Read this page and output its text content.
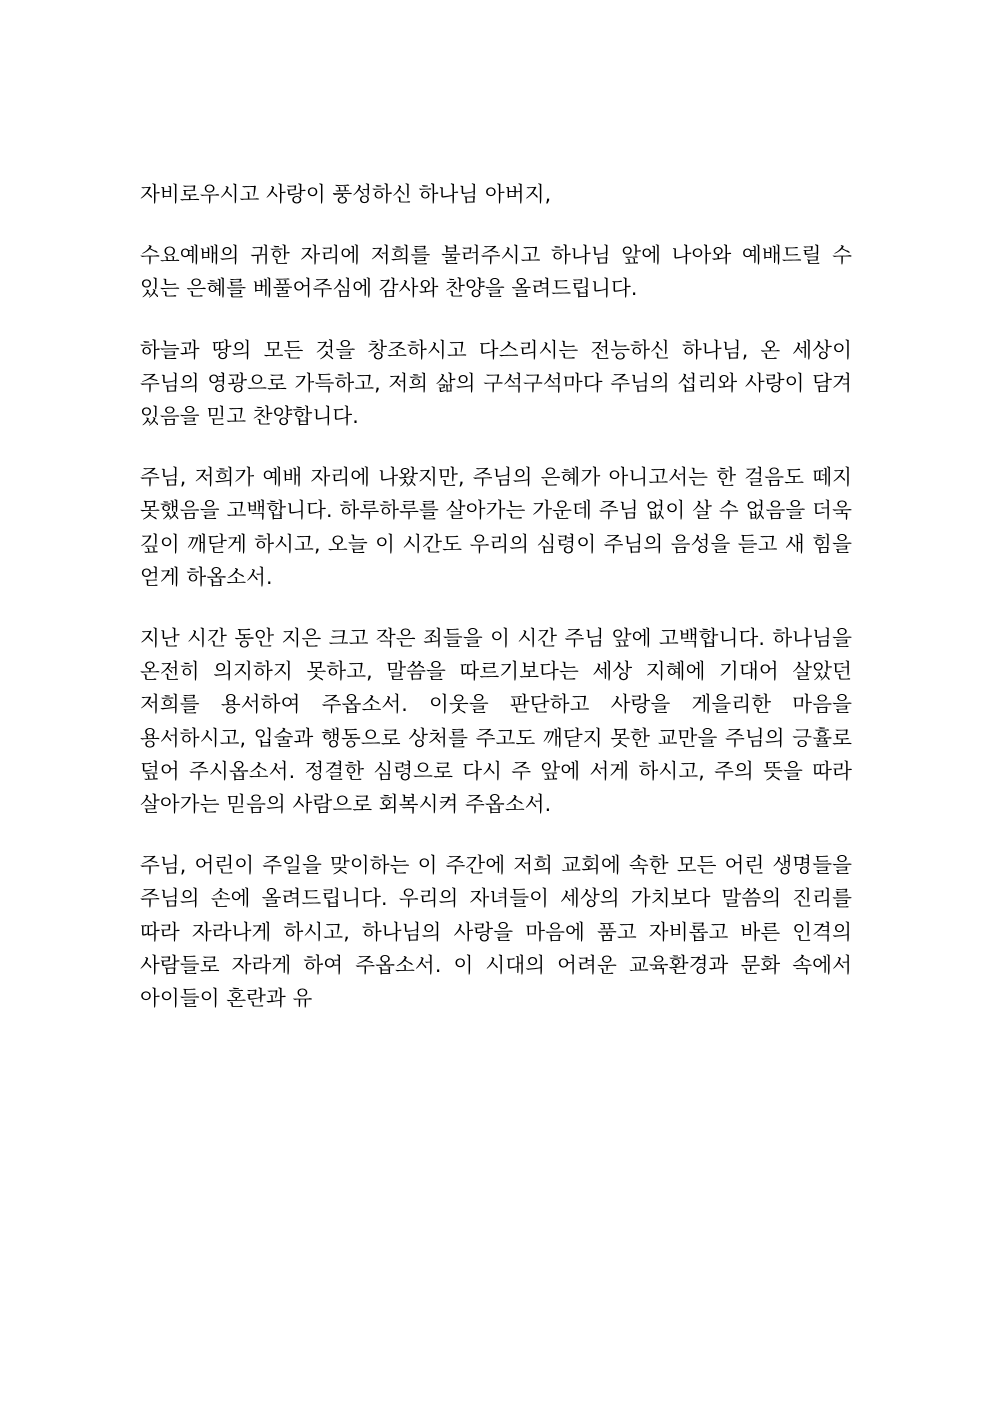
자비로우시고 사랑이 풍성하신 하나님 아버지,

수요예배의 귀한 자리에 저희를 불러주시고 하나님 앞에 나아와 예배드릴 수 있는 은혜를 베풀어주심에 감사와 찬양을 올려드립니다.

하늘과 땅의 모든 것을 창조하시고 다스리시는 전능하신 하나님, 온 세상이 주님의 영광으로 가득하고, 저희 삶의 구석구석마다 주님의 섭리와 사랑이 담겨 있음을 믿고 찬양합니다.

주님, 저희가 예배 자리에 나왔지만, 주님의 은혜가 아니고서는 한 걸음도 떼지 못했음을 고백합니다. 하루하루를 살아가는 가운데 주님 없이 살 수 없음을 더욱 깊이 깨닫게 하시고, 오늘 이 시간도 우리의 심령이 주님의 음성을 듣고 새 힘을 얻게 하옵소서.

지난 시간 동안 지은 크고 작은 죄들을 이 시간 주님 앞에 고백합니다. 하나님을 온전히 의지하지 못하고, 말씀을 따르기보다는 세상 지혜에 기대어 살았던 저희를 용서하여 주옵소서. 이웃을 판단하고 사랑을 게을리한 마음을 용서하시고, 입술과 행동으로 상처를 주고도 깨닫지 못한 교만을 주님의 긍휼로 덮어 주시옵소서. 정결한 심령으로 다시 주 앞에 서게 하시고, 주의 뜻을 따라 살아가는 믿음의 사람으로 회복시켜 주옵소서.

주님, 어린이 주일을 맞이하는 이 주간에 저희 교회에 속한 모든 어린 생명들을 주님의 손에 올려드립니다. 우리의 자녀들이 세상의 가치보다 말씀의 진리를 따라 자라나게 하시고, 하나님의 사랑을 마음에 품고 자비롭고 바른 인격의 사람들로 자라게 하여 주옵소서. 이 시대의 어려운 교육환경과 문화 속에서 아이들이 혼란과 유
